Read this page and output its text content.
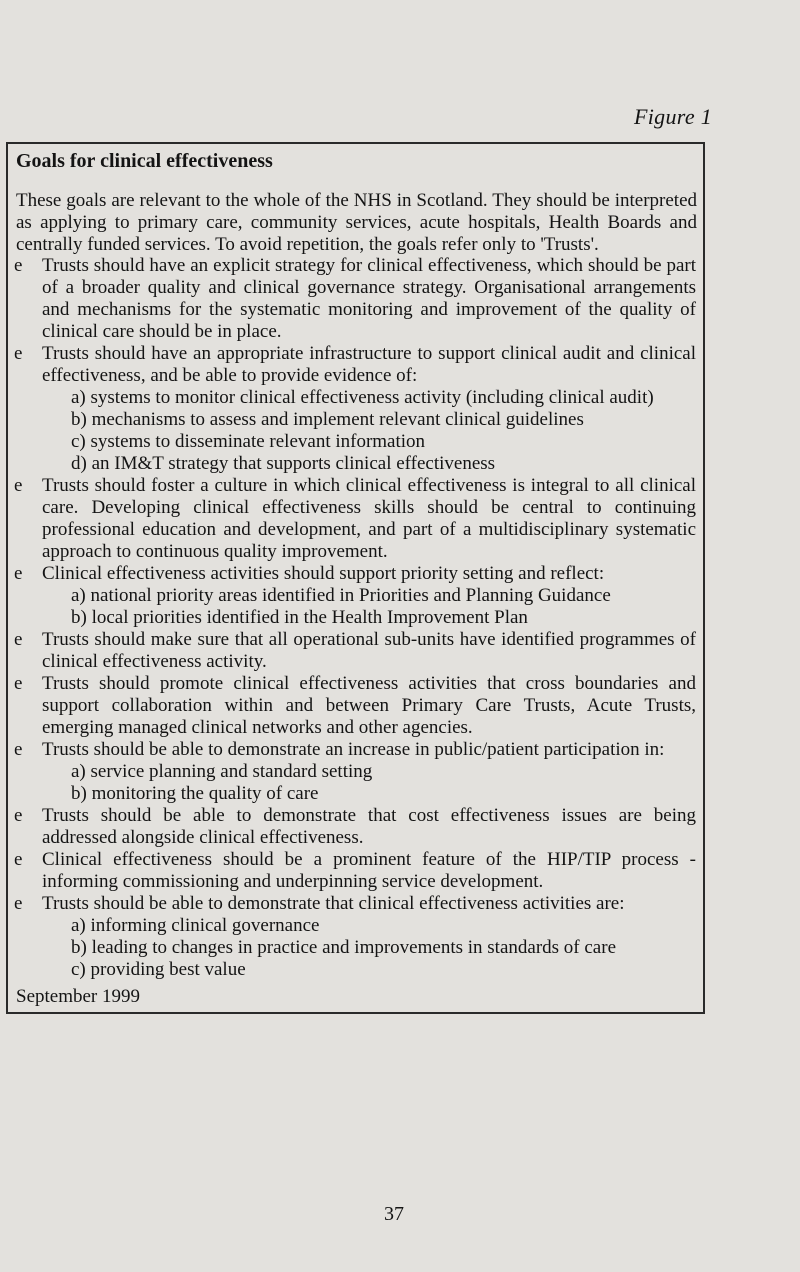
Figure 1
Goals for clinical effectiveness
These goals are relevant to the whole of the NHS in Scotland. They should be interpreted as applying to primary care, community services, acute hospitals, Health Boards and centrally funded services. To avoid repetition, the goals refer only to 'Trusts'.
e Trusts should have an explicit strategy for clinical effectiveness, which should be part of a broader quality and clinical governance strategy. Organisational arrangements and mechanisms for the systematic monitoring and improvement of the quality of clinical care should be in place.
e Trusts should have an appropriate infrastructure to support clinical audit and clinical effectiveness, and be able to provide evidence of:
a) systems to monitor clinical effectiveness activity (including clinical audit)
b) mechanisms to assess and implement relevant clinical guidelines
c) systems to disseminate relevant information
d) an IM&T strategy that supports clinical effectiveness
e Trusts should foster a culture in which clinical effectiveness is integral to all clinical care. Developing clinical effectiveness skills should be central to continuing professional education and development, and part of a multidisciplinary systematic approach to continuous quality improvement.
e Clinical effectiveness activities should support priority setting and reflect:
a) national priority areas identified in Priorities and Planning Guidance
b) local priorities identified in the Health Improvement Plan
e Trusts should make sure that all operational sub-units have identified programmes of clinical effectiveness activity.
e Trusts should promote clinical effectiveness activities that cross boundaries and support collaboration within and between Primary Care Trusts, Acute Trusts, emerging managed clinical networks and other agencies.
e Trusts should be able to demonstrate an increase in public/patient participation in:
a) service planning and standard setting
b) monitoring the quality of care
e Trusts should be able to demonstrate that cost effectiveness issues are being addressed alongside clinical effectiveness.
e Clinical effectiveness should be a prominent feature of the HIP/TIP process - informing commissioning and underpinning service development.
e Trusts should be able to demonstrate that clinical effectiveness activities are:
a) informing clinical governance
b) leading to changes in practice and improvements in standards of care
c) providing best value
September 1999
37
